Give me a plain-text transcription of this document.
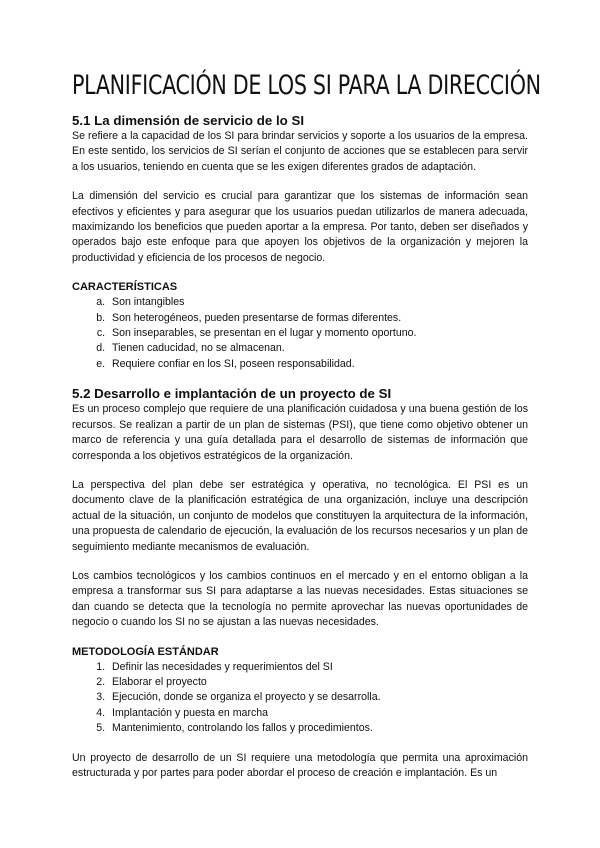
PLANIFICACIÓN DE LOS SI PARA LA DIRECCIÓN
5.1 La dimensión de servicio de lo SI

Se refiere a la capacidad de los SI para brindar servicios y soporte a los usuarios de la empresa. En este sentido, los servicios de SI serían el conjunto de acciones que se establecen para servir a los usuarios, teniendo en cuenta que se les exigen diferentes grados de adaptación.

La dimensión del servicio es crucial para garantizar que los sistemas de información sean efectivos y eficientes y para asegurar que los usuarios puedan utilizarlos de manera adecuada, maximizando los beneficios que pueden aportar a la empresa. Por tanto, deben ser diseñados y operados bajo este enfoque para que apoyen los objetivos de la organización y mejoren la productividad y eficiencia de los procesos de negocio.

CARACTERÍSTICAS
a. Son intangibles
b. Son heterogéneos, pueden presentarse de formas diferentes.
c. Son inseparables, se presentan en el lugar y momento oportuno.
d. Tienen caducidad, no se almacenan.
e. Requiere confiar en los SI, poseen responsabilidad.
5.2 Desarrollo e implantación de un proyecto de SI

Es un proceso complejo que requiere de una planificación cuidadosa y una buena gestión de los recursos. Se realizan a partir de un plan de sistemas (PSI), que tiene como objetivo obtener un marco de referencia y una guía detallada para el desarrollo de sistemas de información que corresponda a los objetivos estratégicos de la organización.

La perspectiva del plan debe ser estratégica y operativa, no tecnológica. El PSI es un documento clave de la planificación estratégica de una organización, incluye una descripción actual de la situación, un conjunto de modelos que constituyen la arquitectura de la información, una propuesta de calendario de ejecución, la evaluación de los recursos necesarios y un plan de seguimiento mediante mecanismos de evaluación.

Los cambios tecnológicos y los cambios continuos en el mercado y en el entorno obligan a la empresa a transformar sus SI para adaptarse a las nuevas necesidades. Estas situaciones se dan cuando se detecta que la tecnología no permite aprovechar las nuevas oportunidades de negocio o cuando los SI no se ajustan a las nuevas necesidades.

METODOLOGÍA ESTÁNDAR
1. Definir las necesidades y requerimientos del SI
2. Elaborar el proyecto
3. Ejecución, donde se organiza el proyecto y se desarrolla.
4. Implantación y puesta en marcha
5. Mantenimiento, controlando los fallos y procedimientos.

Un proyecto de desarrollo de un SI requiere una metodología que permita una aproximación estructurada y por partes para poder abordar el proceso de creación e implantación. Es un
